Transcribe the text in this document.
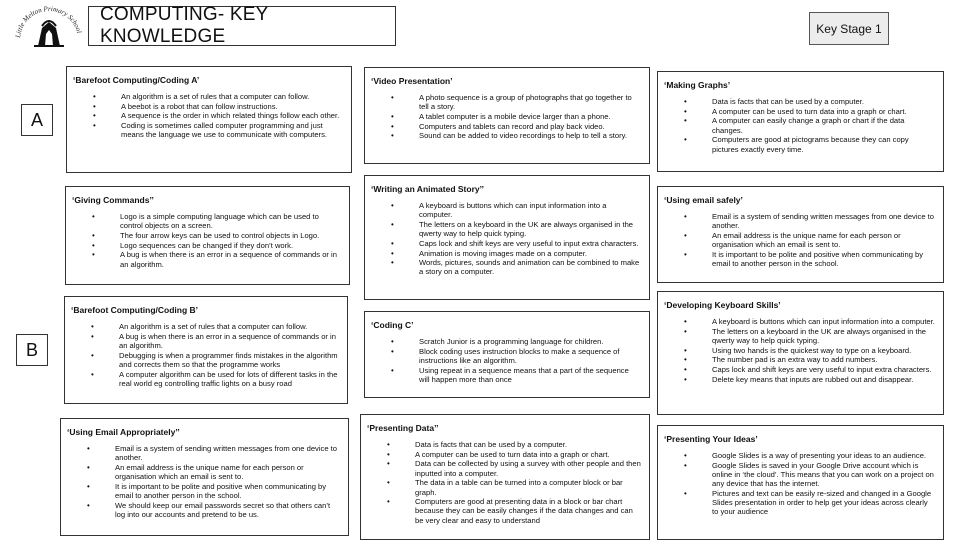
Little Melton Primary School
COMPUTING- KEY KNOWLEDGE	Key Stage 1
A
B
‘Barefoot Computing/Coding A’
• An algorithm is a set of rules that a computer can follow.
• A beebot is a robot that can follow instructions.
• A sequence is the order in which related things follow each other.
• Coding is sometimes called computer programming and just means the language we use to communicate with computers.
‘Video Presentation’
• A photo sequence is a group of photographs that go together to tell a story.
• A tablet computer is a mobile device larger than a phone.
• Computers and tablets can record and play back video.
• Sound can be added to video recordings to help to tell a story.
‘Making Graphs’
• Data is facts that can be used by a computer.
• A computer can be used to turn data into a graph or chart.
• A computer can easily change a graph or chart if the data changes.
• Computers are good at pictograms because they can copy pictures exactly every time.
‘Giving Commands’’
• Logo is a simple computing language which can be used to control objects on a screen.
• The four arrow keys can be used to control objects in Logo.
• Logo sequences can be changed if they don’t work.
• A bug is when there is an error in a sequence of commands or in an algorithm.
‘Writing an Animated Story’’
• A keyboard is buttons which can input information into a computer.
• The letters on a keyboard in the UK are always organised in the qwerty way to help quick typing.
• Caps lock and shift keys are very useful to input extra characters.
• Animation is moving images made on a computer.
• Words, pictures, sounds and animation can be combined to make a story on a computer.
‘Using email safely’
• Email is a system of sending written messages from one device to another.
• An email address is the unique name for each person or organisation which an email is sent to.
• It is important to be polite and positive when communicating by email to another person in the school.
‘Barefoot Computing/Coding B’
• An algorithm is a set of rules that a computer can follow.
• A bug is when there is an error in a sequence of commands or in an algorithm.
• Debugging is when a programmer finds mistakes in the algorithm and corrects them so that the programme works
• A computer algorithm can be used for lots of different tasks in the real world eg controlling traffic lights on a busy road
‘Coding C’
• Scratch Junior is a programming language for children.
• Block coding uses instruction blocks to make a sequence of instructions like an algorithm.
• Using repeat in a sequence means that a part of the sequence will happen more than once
‘Developing Keyboard Skills’
• A keyboard is buttons which can input information into a computer.
• The letters on a keyboard in the UK are always organised in the qwerty way to help quick typing.
• Using two hands is the quickest way to type on a keyboard.
• The number pad is an extra way to add numbers.
• Caps lock and shift keys are very useful to input extra characters.
• Delete key means that inputs are rubbed out and disappear.
‘Using Email Appropriately’’
• Email is a system of sending written messages from one device to another.
• An email address is the unique name for each person or organisation which an email is sent to.
• It is important to be polite and positive when communicating by email to another person in the school.
• We should keep our email passwords secret so that others can’t log into our accounts and pretend to be us.
‘Presenting Data’’
• Data is facts that can be used by a computer.
• A computer can be used to turn data into a graph or chart.
• Data can be collected by using a survey with other people and then inputted into a computer.
• The data in a table can be turned into a computer block or bar graph.
• Computers are good at presenting data in a block or bar chart because they can be easily changes if the data changes and can be very clear and easy to understand
‘Presenting Your Ideas’
• Google Slides is a way of presenting your ideas to an audience.
• Google Slides is saved in your Google Drive account which is online in ‘the cloud’. This means that you can work on a project on any device that has the internet.
• Pictures and text can be easily re-sized and changed in a Google Slides presentation in order to help get your ideas across clearly to your audience
